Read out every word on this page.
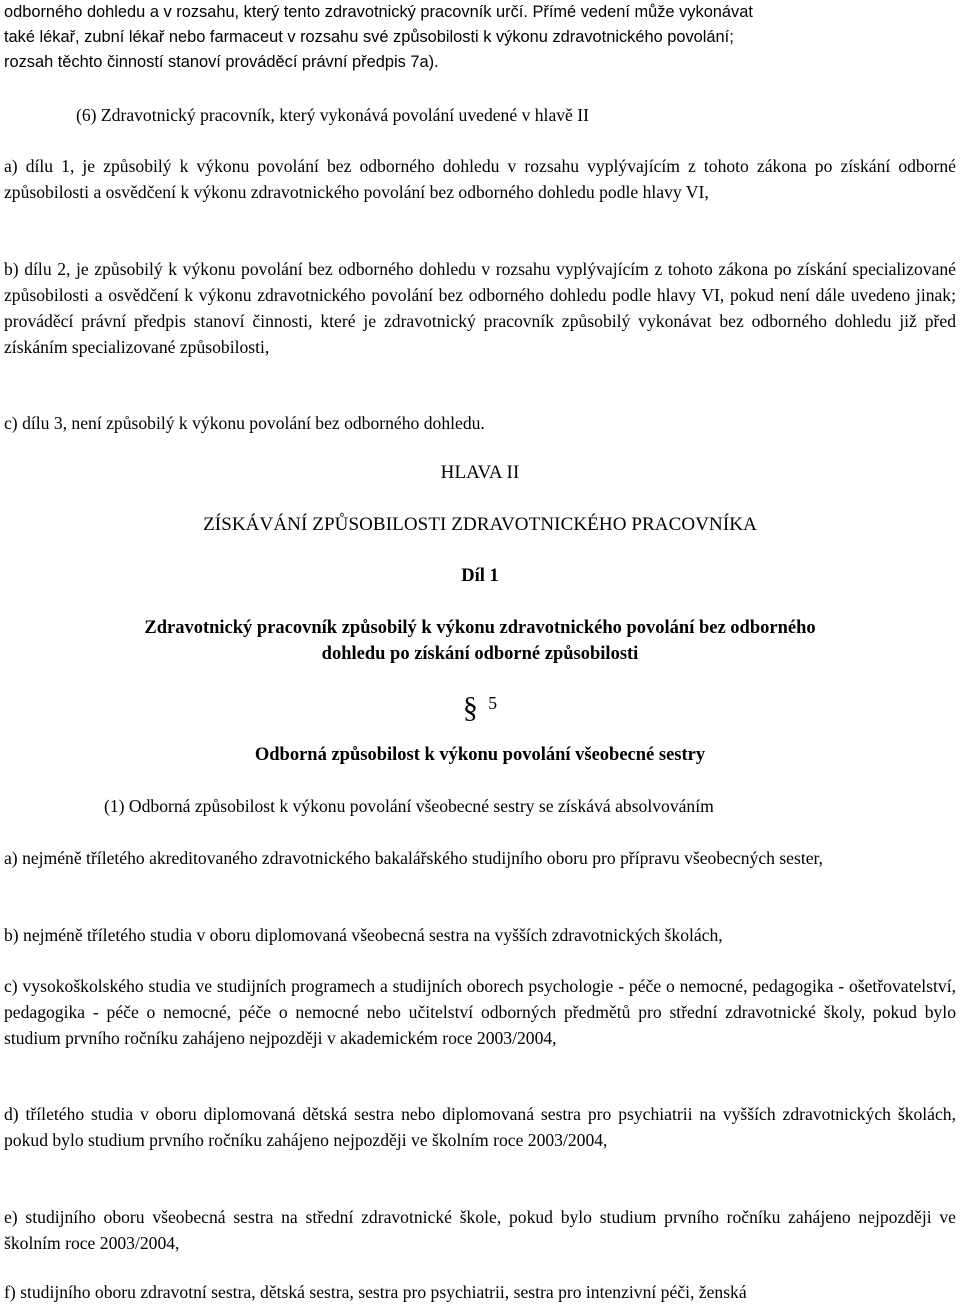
odborného dohledu a v rozsahu, který tento zdravotnický pracovník určí. Přímé vedení může vykonávat
také lékař, zubní lékař nebo farmaceut v rozsahu své způsobilosti k výkonu zdravotnického povolání;
rozsah těchto činností stanoví prováděcí právní předpis 7a).

(6) Zdravotnický pracovník, který vykonává povolání uvedené v hlavě II

a) dílu 1, je způsobilý k výkonu povolání bez odborného dohledu v rozsahu vyplývajícím z tohoto zákona po získání odborné způsobilosti a osvědčení k výkonu zdravotnického povolání bez odborného dohledu podle hlavy VI,

b) dílu 2, je způsobilý k výkonu povolání bez odborného dohledu v rozsahu vyplývajícím z tohoto zákona po získání specializované způsobilosti a osvědčení k výkonu zdravotnického povolání bez odborného dohledu podle hlavy VI, pokud není dále uvedeno jinak; prováděcí právní předpis stanoví činnosti, které je zdravotnický pracovník způsobilý vykonávat bez odborného dohledu již před získáním specializované způsobilosti,

c) dílu 3, není způsobilý k výkonu povolání bez odborného dohledu.

HLAVA II
ZÍSKÁVÁNÍ ZPŮSOBILOSTI ZDRAVOTNICKÉHO PRACOVNÍKA
Díl 1
Zdravotnický pracovník způsobilý k výkonu zdravotnického povolání bez odborného
dohledu po získání odborné způsobilosti
§ 5
Odborná způsobilost k výkonu povolání všeobecné sestry

(1) Odborná způsobilost k výkonu povolání všeobecné sestry se získává absolvováním

a) nejméně tříletého akreditovaného zdravotnického bakalářského studijního oboru pro přípravu všeobecných sester,

b) nejméně tříletého studia v oboru diplomovaná všeobecná sestra na vyšších zdravotnických školách,

c) vysokoškolského studia ve studijních programech a studijních oborech psychologie - péče o nemocné, pedagogika - ošetřovatelství, pedagogika - péče o nemocné, péče o nemocné nebo učitelství odborných předmětů pro střední zdravotnické školy, pokud bylo studium prvního ročníku zahájeno nejpozději v akademickém roce 2003/2004,

d) tříletého studia v oboru diplomovaná dětská sestra nebo diplomovaná sestra pro psychiatrii na vyšších zdravotnických školách, pokud bylo studium prvního ročníku zahájeno nejpozději ve školním roce 2003/2004,

e) studijního oboru všeobecná sestra na střední zdravotnické škole, pokud bylo studium prvního ročníku zahájeno nejpozději ve školním roce 2003/2004,

f) studijního oboru zdravotní sestra, dětská sestra, sestra pro psychiatrii, sestra pro intenzivní péči, ženská
